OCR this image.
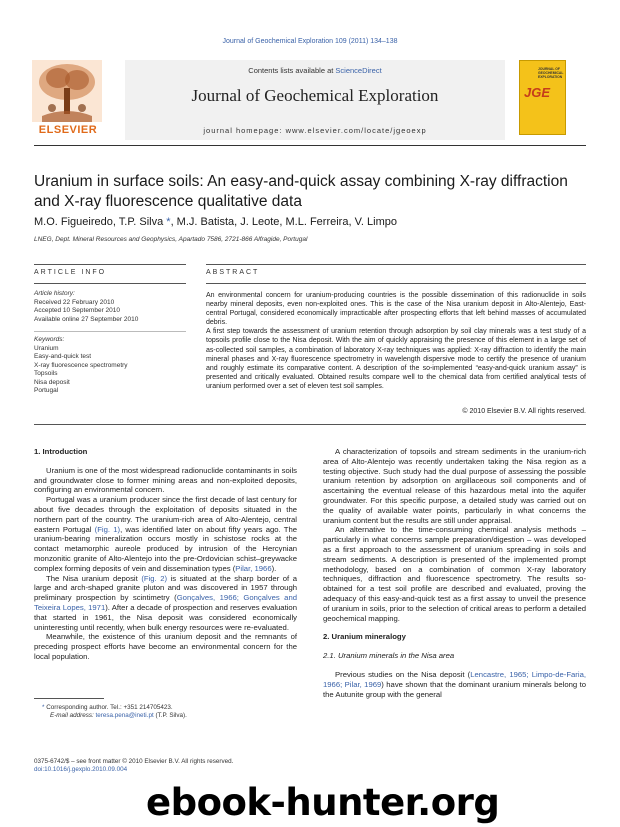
Journal of Geochemical Exploration 109 (2011) 134–138
Contents lists available at ScienceDirect
Journal of Geochemical Exploration
journal homepage: www.elsevier.com/locate/jgeoexp
ELSEVIER
JOURNAL OF GEOCHEMICAL EXPLORATION
JGE
Uranium in surface soils: An easy-and-quick assay combining X-ray diffraction and X-ray fluorescence qualitative data
M.O. Figueiredo, T.P. Silva *, M.J. Batista, J. Leote, M.L. Ferreira, V. Limpo
LNEG, Dept. Mineral Resources and Geophysics, Apartado 7586, 2721-866 Alfragide, Portugal
ARTICLE INFO	ABSTRACT
Article history:
Received 22 February 2010
Accepted 10 September 2010
Available online 27 September 2010
Keywords:
Uranium
Easy-and-quick test
X-ray fluorescence spectrometry
Topsoils
Nisa deposit
Portugal

An environmental concern for uranium-producing countries is the possible dissemination of this radionuclide in soils nearby mineral deposits, even non-exploited ones. This is the case of the Nisa uranium deposit in Alto-Alentejo, East-central Portugal, considered economically impracticable after prospecting efforts that left behind masses of accumulated debris.

A first step towards the assessment of uranium retention through adsorption by soil clay minerals was a test study of a topsoils profile close to the Nisa deposit. With the aim of quickly appraising the presence of this element in a large set of as-collected soil samples, a combination of laboratory X-ray techniques was applied: X-ray diffraction to identify the main mineral phases and X-ray fluorescence spectrometry in wavelength dispersive mode to certify the presence of uranium and roughly estimate its comparative content. A description of the so-implemented “easy-and-quick uranium assay” is presented and critically evaluated. Obtained results compare well to the chemical data from certified analytical tests of uranium performed over a set of eleven test soil samples.

© 2010 Elsevier B.V. All rights reserved.

1. Introduction

Uranium is one of the most widespread radionuclide contaminants in soils and groundwater close to former mining areas and non-exploited deposits, configuring an environmental concern.

Portugal was a uranium producer since the first decade of last century for about five decades through the exploitation of deposits situated in the northern part of the country. The uranium-rich area of Alto-Alentejo, central eastern Portugal (Fig. 1), was identified later on about fifty years ago. The uranium-bearing mineralization occurs mostly in schistose rocks at the contact metamorphic aureole produced by intrusion of the Hercynian monzonitic granite of Alto-Alentejo into the pre-Ordovician schist–greywacke complex forming deposits of vein and dissemination types (Pilar, 1966).

The Nisa uranium deposit (Fig. 2) is situated at the sharp border of a large and arch-shaped granite pluton and was discovered in 1957 through preliminary prospection by scintimetry (Gonçalves, 1966; Gonçalves and Teixeira Lopes, 1971). After a decade of prospection and reserves evaluation that started in 1961, the Nisa deposit was considered economically uninteresting until recently, when bulk energy resources were re-evaluated.

Meanwhile, the existence of this uranium deposit and the remnants of preceding prospect efforts have become an environmental concern for the local population.

A characterization of topsoils and stream sediments in the uranium-rich area of Alto-Alentejo was recently undertaken taking the Nisa region as a testing objective. Such study had the dual purpose of assessing the possible uranium retention by adsorption on argillaceous soil components and of ascertaining the eventual release of this hazardous metal into the aquifer groundwater. For this specific purpose, a detailed study was carried out on the quality of available water points, particularly in what concerns the uranium content but the results are still under appraisal.

An alternative to the time-consuming chemical analysis methods – particularly in what concerns sample preparation/digestion – was developed as a first approach to the assessment of uranium spreading in soils and stream sediments. A description is presented of the implemented prompt methodology, based on a combination of common X-ray laboratory techniques, diffraction and fluorescence spectrometry. The results so-obtained for a test soil profile are described and evaluated, proving the adequacy of this easy-and-quick test as a first assay to unveil the presence of uranium in soils, prior to the selection of critical areas to perform a detailed geochemical mapping.

2. Uranium mineralogy

2.1. Uranium minerals in the Nisa area

Previous studies on the Nisa deposit (Lencastre, 1965; Limpo-de-Faria, 1966; Pilar, 1969) have shown that the dominant uranium minerals belong to the Autunite group with the general

* Corresponding author. Tel.: +351 214705423.
E-mail address: teresa.pena@ineti.pt (T.P. Silva).
0375-6742/$ – see front matter © 2010 Elsevier B.V. All rights reserved.
doi:10.1016/j.gexplo.2010.09.004
ebook-hunter.org
